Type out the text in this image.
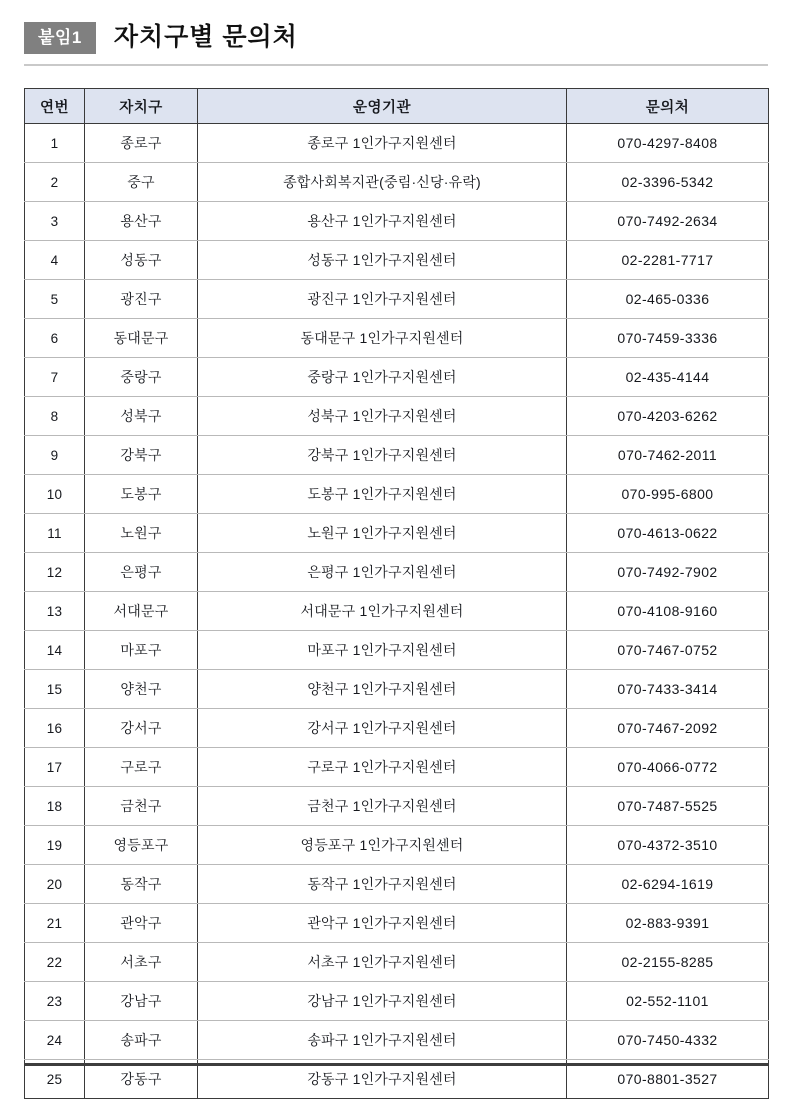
붙임1	자치구별 문의처
연번	자치구	운영기관	문의처
1	종로구	종로구 1인가구지원센터	070-4297-8408
2	중구	종합사회복지관(중림·신당·유락)	02-3396-5342
3	용산구	용산구 1인가구지원센터	070-7492-2634
4	성동구	성동구 1인가구지원센터	02-2281-7717
5	광진구	광진구 1인가구지원센터	02-465-0336
6	동대문구	동대문구 1인가구지원센터	070-7459-3336
7	중랑구	중랑구 1인가구지원센터	02-435-4144
8	성북구	성북구 1인가구지원센터	070-4203-6262
9	강북구	강북구 1인가구지원센터	070-7462-2011
10	도봉구	도봉구 1인가구지원센터	070-995-6800
11	노원구	노원구 1인가구지원센터	070-4613-0622
12	은평구	은평구 1인가구지원센터	070-7492-7902
13	서대문구	서대문구 1인가구지원센터	070-4108-9160
14	마포구	마포구 1인가구지원센터	070-7467-0752
15	양천구	양천구 1인가구지원센터	070-7433-3414
16	강서구	강서구 1인가구지원센터	070-7467-2092
17	구로구	구로구 1인가구지원센터	070-4066-0772
18	금천구	금천구 1인가구지원센터	070-7487-5525
19	영등포구	영등포구 1인가구지원센터	070-4372-3510
20	동작구	동작구 1인가구지원센터	02-6294-1619
21	관악구	관악구 1인가구지원센터	02-883-9391
22	서초구	서초구 1인가구지원센터	02-2155-8285
23	강남구	강남구 1인가구지원센터	02-552-1101
24	송파구	송파구 1인가구지원센터	070-7450-4332
25	강동구	강동구 1인가구지원센터	070-8801-3527
